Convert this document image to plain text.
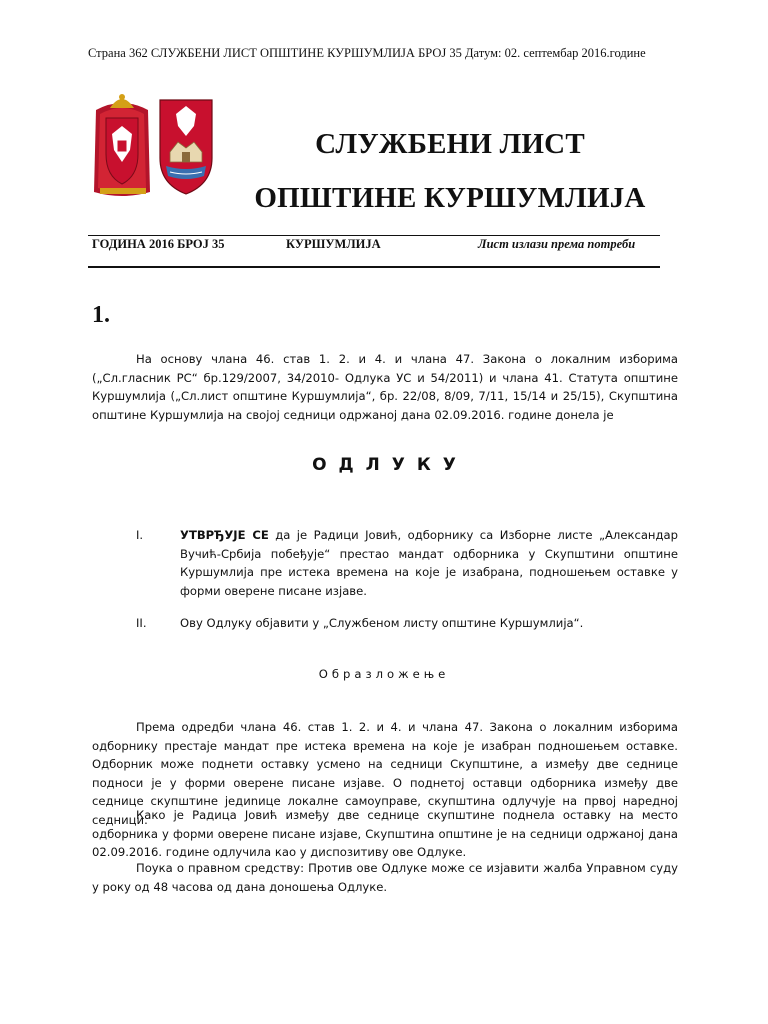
Страна 362 СЛУЖБЕНИ ЛИСТ ОПШТИНЕ КУРШУМЛИЈА БРОЈ 35 Датум: 02. септембар 2016.године
СЛУЖБЕНИ ЛИСТ
ОПШТИНЕ КУРШУМЛИЈА
ГОДИНА 2016 БРОЈ 35	КУРШУМЛИЈА	Лист излази према потреби
1.

На основу члана 46. став 1. 2. и 4. и члана 47. Закона о локалним изборима („Сл.гласник РС“ бр.129/2007, 34/2010- Одлука УС и 54/2011) и члана 41. Статута општине Куршумлија („Сл.лист општине Куршумлија“, бр. 22/08, 8/09, 7/11, 15/14 и 25/15), Скупштина општине Куршумлија на својој седници одржаној дана 02.09.2016. године донела је

ОДЛУКУ
I.	УТВРЂУЈЕ СЕ да је Радици Јовић, одборнику са Изборне листе „Александар Вучић-Србија побеђује“ престао мандат одборника у Скупштини општине Куршумлија пре истека времена на које је изабрана, подношењем оставке у форми оверене писане изјаве.
II.	Ову Одлуку објавити у „Службеном листу општине Куршумлија“.
Образложење

Према одредби члана 46. став 1. 2. и 4. и члана 47. Закона о локалним изборима одборнику престаје мандат пре истека времена на које је изабран подношењем оставке. Одборник може поднети оставку усмено на седници Скупштине, а између две седнице подноси је у форми оверене писане изјаве. О поднетој оставци одборника између две седнице скупштине једиnице локалне самоуправе, скупштина одлучује на првој наредној седници.

Како је Радица Јовић између две седнице скупштине поднела оставку на место одборника у форми оверене писане изјаве, Скупштина општине је на седници одржаној дана 02.09.2016. године одлучила као у диспозитиву ове Одлуке.

Поука о правном средству: Против ове Одлуке може се изјавити жалба Управном суду у року од 48 часова од дана доношења Одлуке.
